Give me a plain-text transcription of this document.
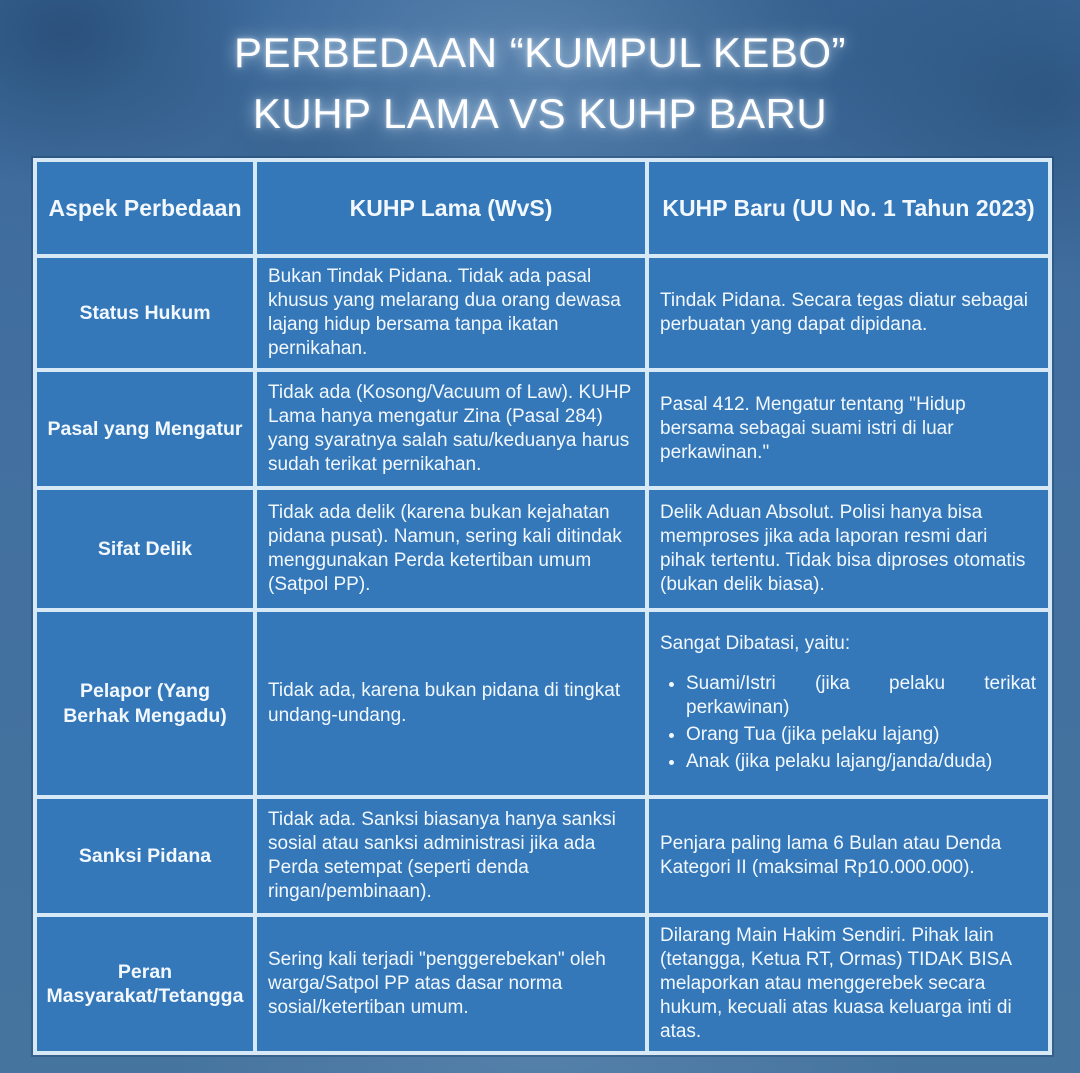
PERBEDAAN “KUMPUL KEBO”
KUHP LAMA VS KUHP BARU
Aspek Perbedaan	KUHP Lama (WvS)	KUHP Baru (UU No. 1 Tahun 2023)
Status Hukum	Bukan Tindak Pidana. Tidak ada pasal khusus yang melarang dua orang dewasa lajang hidup bersama tanpa ikatan pernikahan.	Tindak Pidana. Secara tegas diatur sebagai perbuatan yang dapat dipidana.
Pasal yang Mengatur	Tidak ada (Kosong/Vacuum of Law). KUHP Lama hanya mengatur Zina (Pasal 284) yang syaratnya salah satu/keduanya harus sudah terikat pernikahan.	Pasal 412. Mengatur tentang "Hidup bersama sebagai suami istri di luar perkawinan."
Sifat Delik	Tidak ada delik (karena bukan kejahatan pidana pusat). Namun, sering kali ditindak menggunakan Perda ketertiban umum (Satpol PP).	Delik Aduan Absolut. Polisi hanya bisa memproses jika ada laporan resmi dari pihak tertentu. Tidak bisa diproses otomatis (bukan delik biasa).
Pelapor (Yang Berhak Mengadu)	Tidak ada, karena bukan pidana di tingkat undang-undang.	
Sangat Dibatasi, yaitu:
• Suami/Istri (jika pelaku terikat perkawinan)
• Orang Tua (jika pelaku lajang)
• Anak (jika pelaku lajang/janda/duda)

Sanksi Pidana	Tidak ada. Sanksi biasanya hanya sanksi sosial atau sanksi administrasi jika ada Perda setempat (seperti denda ringan/pembinaan).	Penjara paling lama 6 Bulan atau Denda Kategori II (maksimal Rp10.000.000).
Peran Masyarakat/Tetangga	Sering kali terjadi "penggerebekan" oleh warga/Satpol PP atas dasar norma sosial/ketertiban umum.	Dilarang Main Hakim Sendiri. Pihak lain (tetangga, Ketua RT, Ormas) TIDAK BISA melaporkan atau menggerebek secara hukum, kecuali atas kuasa keluarga inti di atas.
